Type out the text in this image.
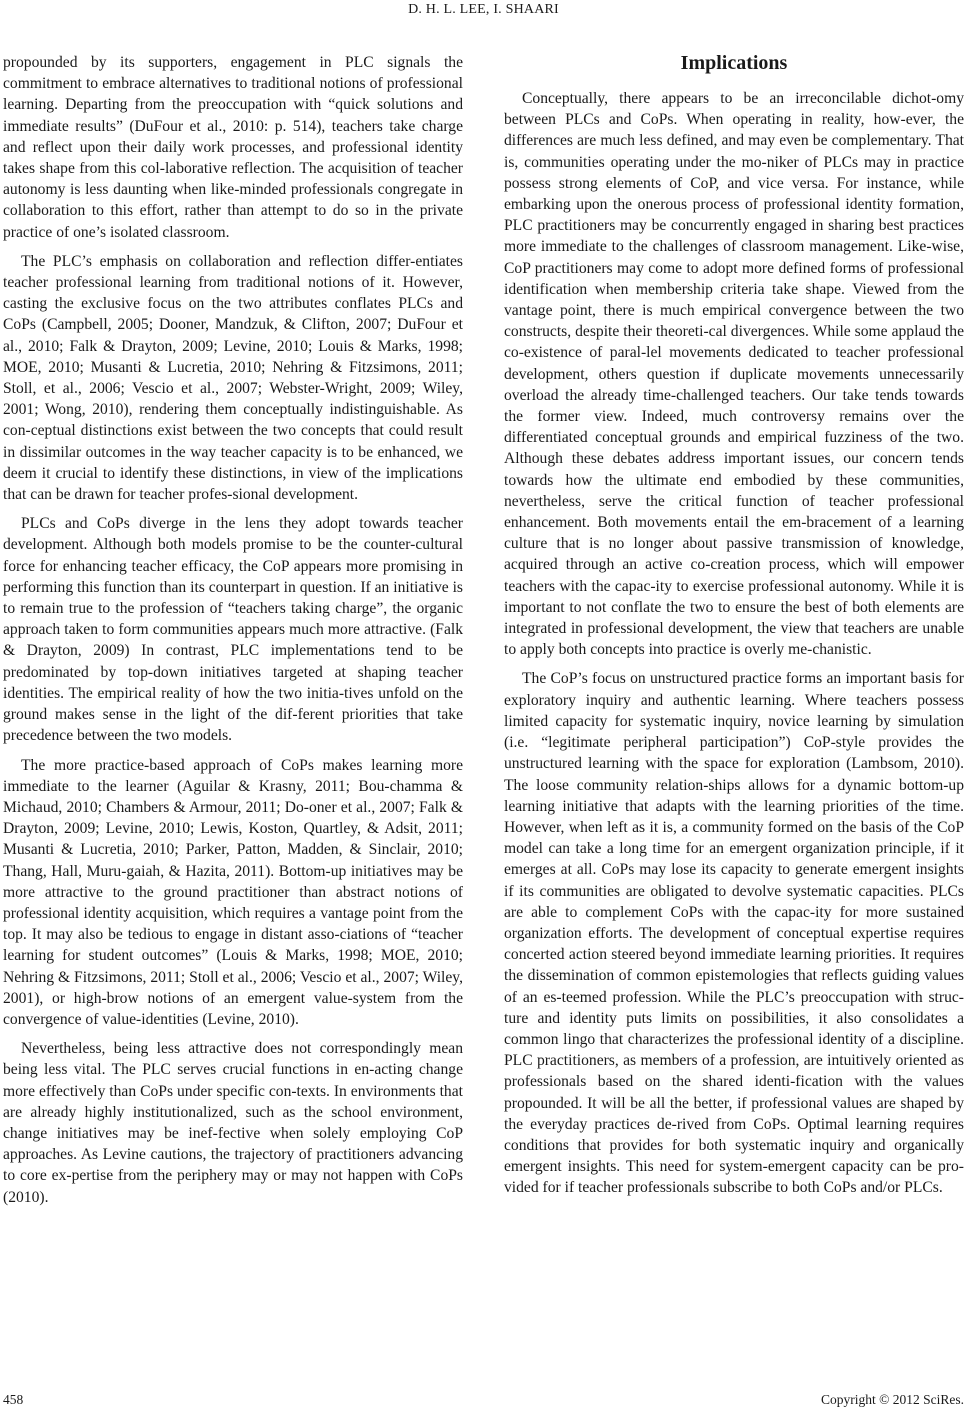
D. H. L. LEE, I. SHAARI

propounded by its supporters, engagement in PLC signals the commitment to embrace alternatives to traditional notions of professional learning. Departing from the preoccupation with “quick solutions and immediate results” (DuFour et al., 2010: p. 514), teachers take charge and reflect upon their daily work processes, and professional identity takes shape from this col-laborative reflection. The acquisition of teacher autonomy is less daunting when like-minded professionals congregate in collaboration to this effort, rather than attempt to do so in the private practice of one’s isolated classroom.

The PLC’s emphasis on collaboration and reflection differ-entiates teacher professional learning from traditional notions of it. However, casting the exclusive focus on the two attributes conflates PLCs and CoPs (Campbell, 2005; Dooner, Mandzuk, & Clifton, 2007; DuFour et al., 2010; Falk & Drayton, 2009; Levine, 2010; Louis & Marks, 1998; MOE, 2010; Musanti & Lucretia, 2010; Nehring & Fitzsimons, 2011; Stoll, et al., 2006; Vescio et al., 2007; Webster-Wright, 2009; Wiley, 2001; Wong, 2010), rendering them conceptually indistinguishable. As con-ceptual distinctions exist between the two concepts that could result in dissimilar outcomes in the way teacher capacity is to be enhanced, we deem it crucial to identify these distinctions, in view of the implications that can be drawn for teacher profes-sional development.

PLCs and CoPs diverge in the lens they adopt towards teacher development. Although both models promise to be the counter-cultural force for enhancing teacher efficacy, the CoP appears more promising in performing this function than its counterpart in question. If an initiative is to remain true to the profession of “teachers taking charge”, the organic approach taken to form communities appears much more attractive. (Falk & Drayton, 2009) In contrast, PLC implementations tend to be predominated by top-down initiatives targeted at shaping teacher identities. The empirical reality of how the two initia-tives unfold on the ground makes sense in the light of the dif-ferent priorities that take precedence between the two models.

The more practice-based approach of CoPs makes learning more immediate to the learner (Aguilar & Krasny, 2011; Bou-chamma & Michaud, 2010; Chambers & Armour, 2011; Do-oner et al., 2007; Falk & Drayton, 2009; Levine, 2010; Lewis, Koston, Quartley, & Adsit, 2011; Musanti & Lucretia, 2010; Parker, Patton, Madden, & Sinclair, 2010; Thang, Hall, Muru-gaiah, & Hazita, 2011). Bottom-up initiatives may be more attractive to the ground practitioner than abstract notions of professional identity acquisition, which requires a vantage point from the top. It may also be tedious to engage in distant asso-ciations of “teacher learning for student outcomes” (Louis & Marks, 1998; MOE, 2010; Nehring & Fitzsimons, 2011; Stoll et al., 2006; Vescio et al., 2007; Wiley, 2001), or high-brow notions of an emergent value-system from the convergence of value-identities (Levine, 2010).

Nevertheless, being less attractive does not correspondingly mean being less vital. The PLC serves crucial functions in en-acting change more effectively than CoPs under specific con-texts. In environments that are already highly institutionalized, such as the school environment, change initiatives may be inef-fective when solely employing CoP approaches. As Levine cautions, the trajectory of practitioners advancing to core ex-pertise from the periphery may or may not happen with CoPs (2010).

Implications

Conceptually, there appears to be an irreconcilable dichot-omy between PLCs and CoPs. When operating in reality, how-ever, the differences are much less defined, and may even be complementary. That is, communities operating under the mo-niker of PLCs may in practice possess strong elements of CoP, and vice versa. For instance, while embarking upon the onerous process of professional identity formation, PLC practitioners may be concurrently engaged in sharing best practices more immediate to the challenges of classroom management. Like-wise, CoP practitioners may come to adopt more defined forms of professional identification when membership criteria take shape. Viewed from the vantage point, there is much empirical convergence between the two constructs, despite their theoreti-cal divergences. While some applaud the co-existence of paral-lel movements dedicated to teacher professional development, others question if duplicate movements unnecessarily overload the already time-challenged teachers. Our take tends towards the former view. Indeed, much controversy remains over the differentiated conceptual grounds and empirical fuzziness of the two. Although these debates address important issues, our concern tends towards how the ultimate end embodied by these communities, nevertheless, serve the critical function of teacher professional enhancement. Both movements entail the em-bracement of a learning culture that is no longer about passive transmission of knowledge, acquired through an active co-creation process, which will empower teachers with the capac-ity to exercise professional autonomy. While it is important to not conflate the two to ensure the best of both elements are integrated in professional development, the view that teachers are unable to apply both concepts into practice is overly me-chanistic.

The CoP’s focus on unstructured practice forms an important basis for exploratory inquiry and authentic learning. Where teachers possess limited capacity for systematic inquiry, novice learning by simulation (i.e. “legitimate peripheral participation”) CoP-style provides the unstructured learning with the space for exploration (Lambsom, 2010). The loose community relation-ships allows for a dynamic bottom-up learning initiative that adapts with the learning priorities of the time. However, when left as it is, a community formed on the basis of the CoP model can take a long time for an emergent organization principle, if it emerges at all. CoPs may lose its capacity to generate emergent insights if its communities are obligated to devolve systematic capacities. PLCs are able to complement CoPs with the capac-ity for more sustained organization efforts. The development of conceptual expertise requires concerted action steered beyond immediate learning priorities. It requires the dissemination of common epistemologies that reflects guiding values of an es-teemed profession. While the PLC’s preoccupation with struc-ture and identity puts limits on possibilities, it also consolidates a common lingo that characterizes the professional identity of a discipline. PLC practitioners, as members of a profession, are intuitively oriented as professionals based on the shared identi-fication with the values propounded. It will be all the better, if professional values are shaped by the everyday practices de-rived from CoPs. Optimal learning requires conditions that provides for both systematic inquiry and organically emergent insights. This need for system-emergent capacity can be pro-vided for if teacher professionals subscribe to both CoPs and/or PLCs.

458	Copyright © 2012 SciRes.
